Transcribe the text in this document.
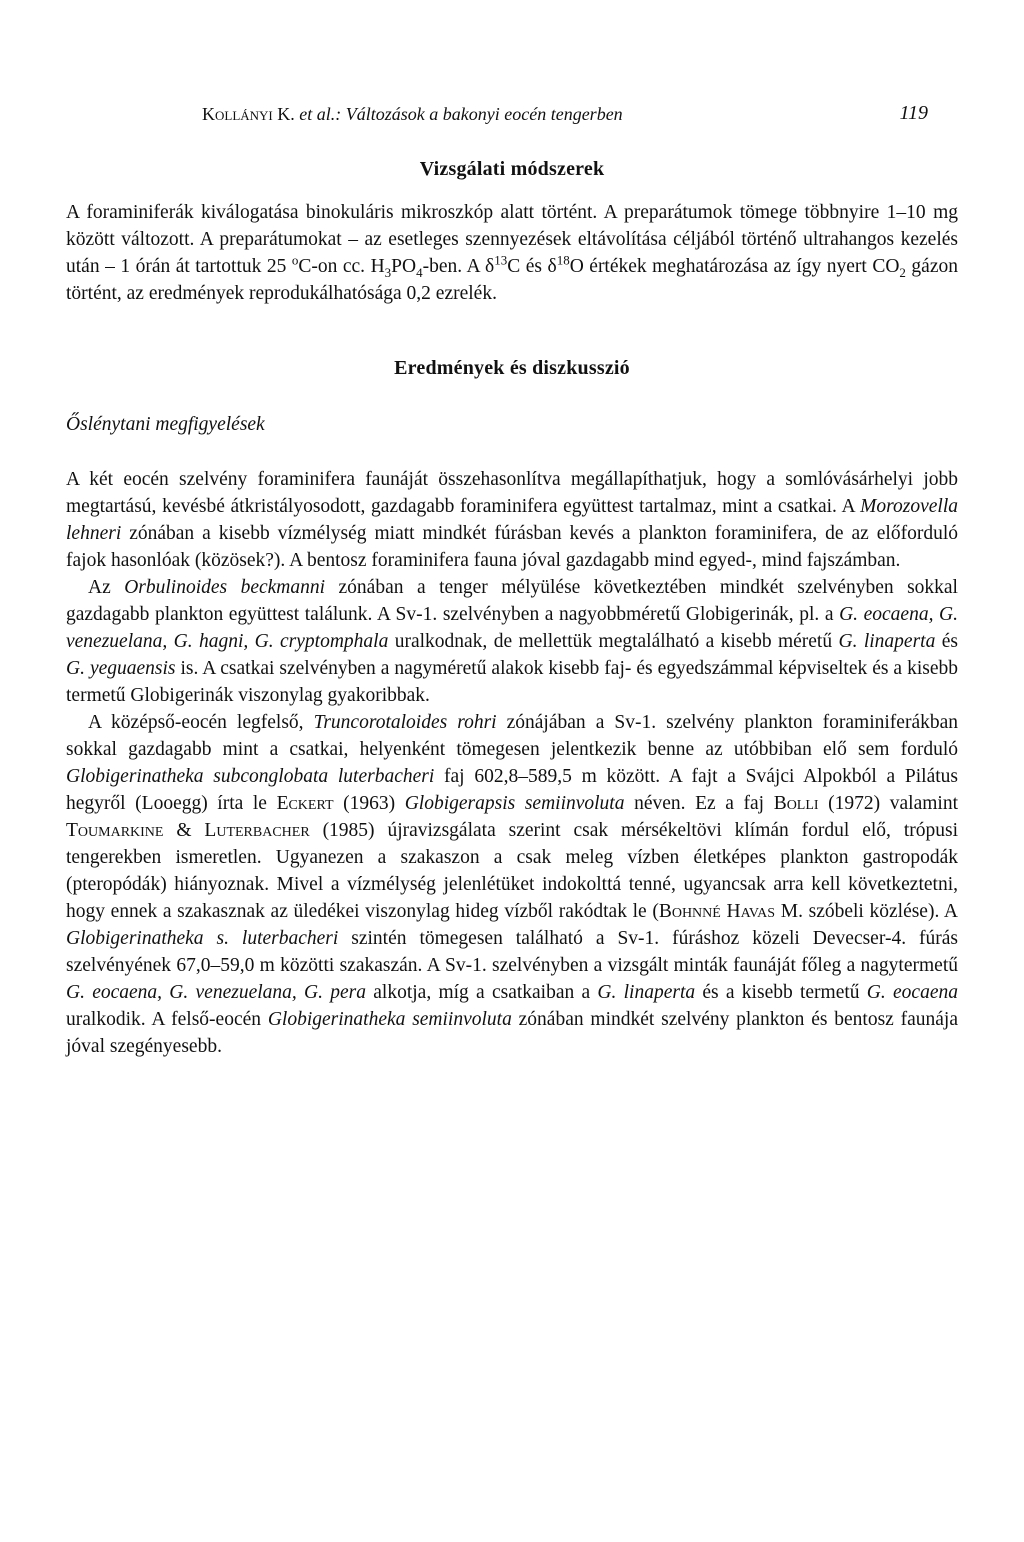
Kollányi K. et al.: Változások a bakonyi eocén tengerben	119
Vizsgálati módszerek

A foraminiferák kiválogatása binokuláris mikroszkóp alatt történt. A preparátumok tömege többnyire 1–10 mg között változott. A preparátumokat – az esetleges szennyezések eltávolítása céljából történő ultrahangos kezelés után – 1 órán át tartottuk 25 $^o$C-on cc. $H_3PO_4$-ben. A $\delta^{13}C$ és $\delta^{18}O$ értékek meghatározása az így nyert $CO_2$ gázon történt, az eredmények reprodukálhatósága 0,2 ezrelék.

Eredmények és diszkusszió
Őslénytani megfigyelések

A két eocén szelvény foraminifera faunáját összehasonlítva megállapíthatjuk, hogy a somlóvásárhelyi jobb megtartású, kevésbé átkristályosodott, gazdagabb foraminifera együttest tartalmaz, mint a csatkai. A Morozovella lehneri zónában a kisebb vízmélység miatt mindkét fúrásban kevés a plankton foraminifera, de az előforduló fajok hasonlóak (közösek?). A bentosz foraminifera fauna jóval gazdagabb mind egyed-, mind fajszámban.

Az Orbulinoides beckmanni zónában a tenger mélyülése következtében mindkét szelvényben sokkal gazdagabb plankton együttest találunk. A Sv-1. szelvényben a nagyobbméretű Globigerinák, pl. a G. eocaena, G. venezuelana, G. hagni, G. cryptomphala uralkodnak, de mellettük megtalálható a kisebb méretű G. linaperta és G. yeguaensis is. A csatkai szelvényben a nagyméretű alakok kisebb faj- és egyedszámmal képviseltek és a kisebb termetű Globigerinák viszonylag gyakoribbak.

A középső-eocén legfelső, Truncorotaloides rohri zónájában a Sv-1. szelvény plankton foraminiferákban sokkal gazdagabb mint a csatkai, helyenként tömegesen jelentkezik benne az utóbbiban elő sem forduló Globigerinatheka subconglobata luterbacheri faj 602,8–589,5 m között. A fajt a Svájci Alpokból a Pilátus hegyről (Looegg) írta le Eckert (1963) Globigerapsis semiinvoluta néven. Ez a faj Bolli (1972) valamint Toumarkine & Luterbacher (1985) újravizsgálata szerint csak mérsékeltövi klímán fordul elő, trópusi tengerekben ismeretlen. Ugyanezen a szakaszon a csak meleg vízben életképes plankton gastropodák (pteropódák) hiányoznak. Mivel a vízmélység jelenlétüket indokolttá tenné, ugyancsak arra kell következtetni, hogy ennek a szakasznak az üledékei viszonylag hideg vízből rakódtak le (Bohnné Havas M. szóbeli közlése). A Globigerinatheka s. luterbacheri szintén tömegesen található a Sv-1. fúráshoz közeli Devecser-4. fúrás szelvényének 67,0–59,0 m közötti szakaszán. A Sv-1. szelvényben a vizsgált minták faunáját főleg a nagytermetű G. eocaena, G. venezuelana, G. pera alkotja, míg a csatkaiban a G. linaperta és a kisebb termetű G. eocaena uralkodik. A felső-eocén Globigerinatheka semiinvoluta zónában mindkét szelvény plankton és bentosz faunája jóval szegényesebb.
